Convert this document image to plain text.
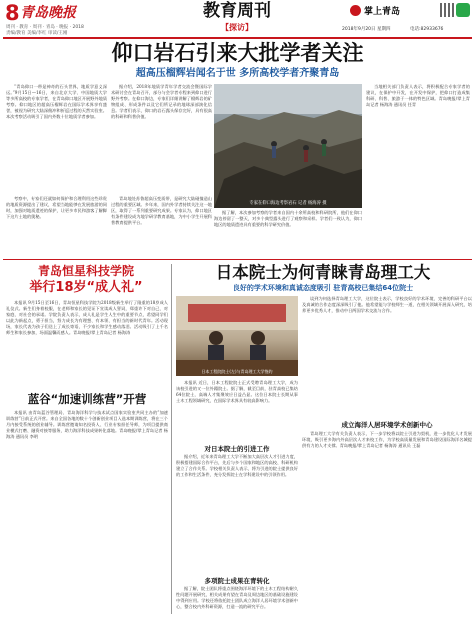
8 青岛晚报
周刊 · 教育 · 周刊 · 青岛 · 晚报 · 2018
责编/教育 美编/李红 审读/王刚
教育周刊
【探访】
掌上青岛
2018年9月20日 星期四	电话:82933676
仰口岩石引来大批学者关注
超高压榴辉岩闻名于世 多所高校学者齐聚青岛

“青岛仰口一带是神奇的石头世界，地质学意义深远。”9月15日—16日，来自北京大学、中国地质大学等多所高校的专家学者，在青岛仰口地区开展野外地质考察。仰口地区的超高压榴辉岩在国际学术界享有盛誉，被视为研究大陆深俯冲和折返过程的天然实验室。本次考察活动吸引了国内外数十位地质学者参加。

据介绍，2018年地质学青年学者交流会暨国际学术研讨会在青岛召开，部分与会学者专程来到仰口进行野外考察。在仰口海边，专家们详细讲解了榴辉岩的矿物组成、形成条件以及它们所记录的地球深部演化信息。学者们表示，仰口的岩石露头保存完好，具有很高的科研和科普价值。

考察中，专家们还就如何保护和合理利用这些珍贵的地质资源提出了建议，希望当地能够在发展旅游的同时，加强对地质遗迹的保护，让更多市民和游客了解脚下这片土地的奥秘。

青岛地处苏鲁超高压变质带，是研究大陆碰撞造山过程的重要区域。多年来，国内外学者持续关注这一地区，取得了一系列重要研究成果。专家认为，仰口地区有条件建设成为地学研学教育基地，为中小学生开展科普教育提供平台。

专家在仰口海边考察岩石 记者 杨海涛 摄

据了解，本次参加考察的学者来自国内十余所高校和科研院所，他们在仰口海边停留了一整天，对多个典型露头进行了观察和采样。学者们一致认为，仰口地区的地质遗迹具有重要的科学研究价值。

当地相关部门负责人表示，将积极配合专家学者的建议，在保护中开发，在开发中保护，把仰口打造成集科研、科普、旅游于一体的特色区域。青岛晚报/掌上青岛记者 杨海涛 通讯员 任青

青岛恒星科技学院
举行18岁“成人礼”

本报讯 9月15日至16日，青岛恒星科技学院为2018级新生举行了隆重的18岁成人礼仪式。新生们身着校服，在老师和家长的见证下宣读成人誓词，郑重许下对自己、对家庭、对社会的承诺。学院负责人表示，成人礼是学生人生中的重要节点，希望同学们以此为新起点，勇于担当，努力成长为有理想、有本领、有担当的新时代青年。活动现场，家长代表为孩子们送上了成长寄语，不少家长和学生感动落泪。活动吸引了上千名师生和家长参加，场面温馨而感人。青岛晚报/掌上青岛记者 杨海涛

蓝谷“加速训练营”开营

本报讯 由青岛蓝谷管理局、青岛海洋科学与技术试点国家实验室共同主办的“加速训练营”日前正式开营。来自全国各地的数十个创新创业项目入选本期训练营，将在三个月内接受系统的创业辅导。训练营邀请知名投资人、行业专家担任导师，为项目提供商业模式打磨、融资对接等服务，助力海洋科技成果转化落地。青岛晚报/掌上青岛记者 杨海涛 通讯员 李明

日本院士为何青睐青岛理工大
良好的学术环境和真诚态度吸引 驻青高校已集结64位院士
日本工程院院士(左)与青岛理工大学签约

本报讯 近日，日本工程院院士正式受聘青岛理工大学，成为该校引进的又一位外籍院士。据了解，截至目前，驻青高校已集结64位院士，高端人才集聚效应日益凸显。这位日本院士长期从事土木工程领域研究，在国际学术界具有较高影响力。

谈到为何选择青岛理工大学，这位院士表示，学校良好的学术环境、完善的科研平台以及真诚的合作态度深深吸引了他。他希望能与学校师生一道，在相关领域开展深入研究，培养更多优秀人才，推动中日两国学术交流与合作。

对日本院士的引进工作

据介绍，近年来青岛理工大学不断加大高层次人才引进力度，积极搭建国际合作平台，先后与多个国家和地区的高校、科研机构建立了合作关系。学校相关负责人表示，将为引进的院士提供良好的工作和生活条件，充分发挥院士在学科建设中的引领作用。

多项院士成果在青转化

据了解，院士团队将重点围绕海洋环境下的土木工程结构耐久性问题开展研究，相关成果有望在青岛及周边地区的基础设施建设中得到应用。学校还将依托院士团队成立海洋人居环境学术创新中心，整合校内外科研资源，打造一流的研究平台。

成立海洋人居环境学术创新中心

青岛理工大学有关负责人表示，下一步学校将以院士引进为契机，进一步优化人才发展环境，吸引更多海内外高层次人才来校工作，为学校高质量发展和青岛建设国际海洋名城提供有力的人才支撑。青岛晚报/掌上青岛记者 杨海涛 通讯员 王磊
